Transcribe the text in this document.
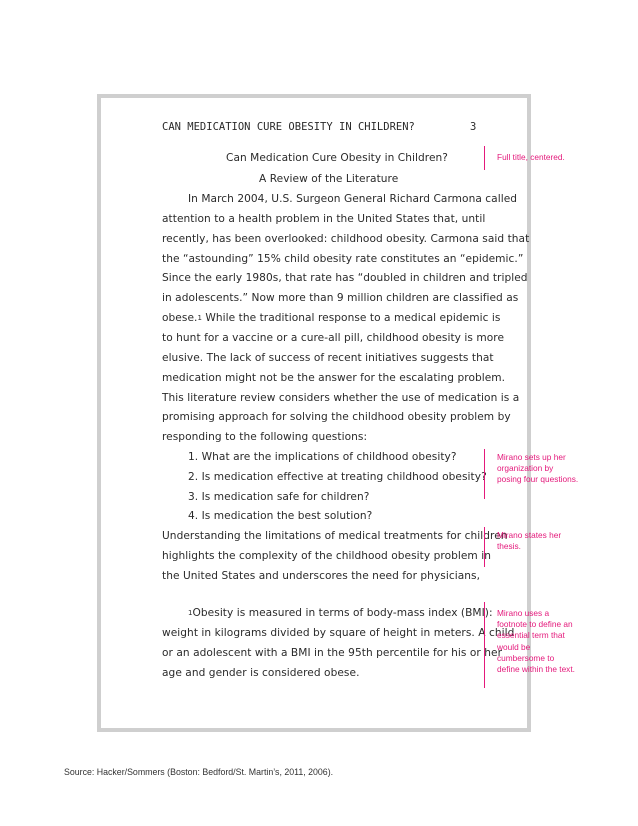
CAN MEDICATION CURE OBESITY IN CHILDREN?	3
Can Medication Cure Obesity in Children?
A Review of the Literature
In March 2004, U.S. Surgeon General Richard Carmona called
attention to a health problem in the United States that, until
recently, has been overlooked: childhood obesity. Carmona said that
the “astounding” 15% child obesity rate constitutes an “epidemic.”
Since the early 1980s, that rate has “doubled in children and tripled
in adolescents.” Now more than 9 million children are classified as
obese.$^1$ While the traditional response to a medical epidemic is
to hunt for a vaccine or a cure-all pill, childhood obesity is more
elusive. The lack of success of recent initiatives suggests that
medication might not be the answer for the escalating problem.
This literature review considers whether the use of medication is a
promising approach for solving the childhood obesity problem by
responding to the following questions:
1. What are the implications of childhood obesity?
2. Is medication effective at treating childhood obesity?
3. Is medication safe for children?
4. Is medication the best solution?
Understanding the limitations of medical treatments for children
highlights the complexity of the childhood obesity problem in
the United States and underscores the need for physicians,
$^1$Obesity is measured in terms of body-mass index (BMI):
weight in kilograms divided by square of height in meters. A child
or an adolescent with a BMI in the 95th percentile for his or her
age and gender is considered obese.
Full title, centered.
Mirano sets up her organization by posing four questions.
Mirano states her thesis.
Mirano uses a footnote to define an essential term that would be cumbersome to define within the text.
Source: Hacker/Sommers (Boston: Bedford/St. Martin’s, 2011, 2006).
